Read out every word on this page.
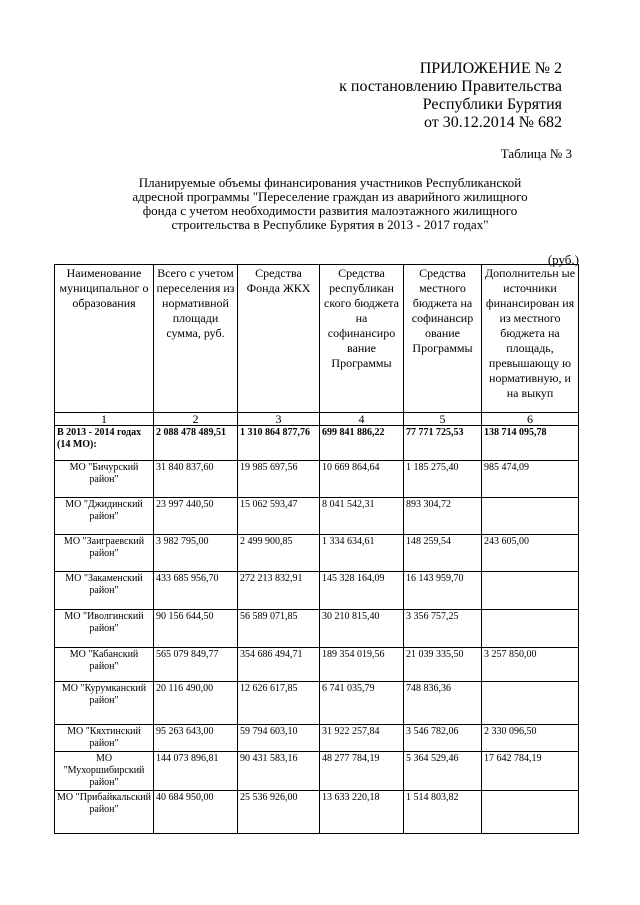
ПРИЛОЖЕНИЕ № 2
к постановлению Правительства
Республики Бурятия
от 30.12.2014 № 682
Таблица № 3
Планируемые объемы финансирования участников Республиканской адресной программы "Переселение граждан из аварийного жилищного фонда с учетом необходимости развития малоэтажного жилищного строительства в Республике Бурятия в 2013 - 2017 годах"
(руб.)
Наименование муниципальног о образования	Всего с учетом переселения из нормативной площади сумма, руб.	Средства Фонда ЖКХ	Средства республикан ского бюджета на софинансиро вание Программы	Средства местного бюджета на софинансир ование Программы	Дополнительн ые источники финансирован ия из местного бюджета на площадь, превышающу ю нормативную, и на выкуп
1	2	3	4	5	6
В 2013 - 2014 годах (14 МО):	2 088 478 489,51	1 310 864 877,76	699 841 886,22	77 771 725,53	138 714 095,78
МО "Бичурский район"	31 840 837,60	19 985 697,56	10 669 864,64	1 185 275,40	985 474,09
МО "Джидинский район"	23 997 440,50	15 062 593,47	8 041 542,31	893 304,72	
МО "Заиграевский район"	3 982 795,00	2 499 900,85	1 334 634,61	148 259,54	243 605,00
МО "Закаменский район"	433 685 956,70	272 213 832,91	145 328 164,09	16 143 959,70	
МО "Иволгинский район"	90 156 644,50	56 589 071,85	30 210 815,40	3 356 757,25	
МО "Кабанский район"	565 079 849,77	354 686 494,71	189 354 019,56	21 039 335,50	3 257 850,00
МО "Курумканский район"	20 116 490,00	12 626 617,85	6 741 035,79	748 836,36	
МО "Кяхтинский район"	95 263 643,00	59 794 603,10	31 922 257,84	3 546 782,06	2 330 096,50
МО "Мухоршибирский район"	144 073 896,81	90 431 583,16	48 277 784,19	5 364 529,46	17 642 784,19
МО "Прибайкальский район"	40 684 950,00	25 536 926,00	13 633 220,18	1 514 803,82	
